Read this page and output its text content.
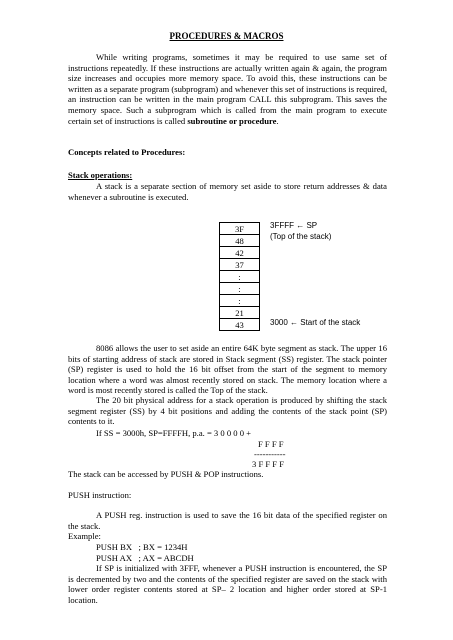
PROCEDURES & MACROS
While writing programs, sometimes it may be required to use same set of instructions repeatedly. If these instructions are actually written again & again, the program size increases and occupies more memory space. To avoid this, these instructions can be written as a separate program (subprogram) and whenever this set of instructions is required, an instruction can be written in the main program CALL this subprogram. This saves the memory space. Such a subprogram which is called from the main program to execute certain set of instructions is called subroutine or procedure.
Concepts related to Procedures:
Stack operations:
A stack is a separate section of memory set aside to store return addresses & data whenever a subroutine is executed.
3F
48
42
37
:
:
:
21
43
3FFFF ← SP
(Top of the stack)
3000 ← Start of the stack
8086 allows the user to set aside an entire 64K byte segment as stack. The upper 16 bits of starting address of stack are stored in Stack segment (SS) register. The stack pointer (SP) register is used to hold the 16 bit offset from the start of the segment to memory location where a word was almost recently stored on stack. The memory location where a word is most recently stored is called the Top of the stack.
The 20 bit physical address for a stack operation is produced by shifting the stack segment register (SS) by 4 bit positions and adding the contents of the stack point (SP) contents to it.
If SS = 3000h, SP=FFFFH, p.a. = 3 0 0 0 0 +
F F F F
-----------
3 F F F F
The stack can be accessed by PUSH & POP instructions.
PUSH instruction:
A PUSH reg. instruction is used to save the 16 bit data of the specified register on the stack.
Example:
PUSH BX   ; BX = 1234H
PUSH AX   ; AX = ABCDH
If SP is initialized with 3FFF, whenever a PUSH instruction is encountered, the SP is decremented by two and the contents of the specified register are saved on the stack with lower order register contents stored at SP– 2 location and higher order stored at SP-1 location.
